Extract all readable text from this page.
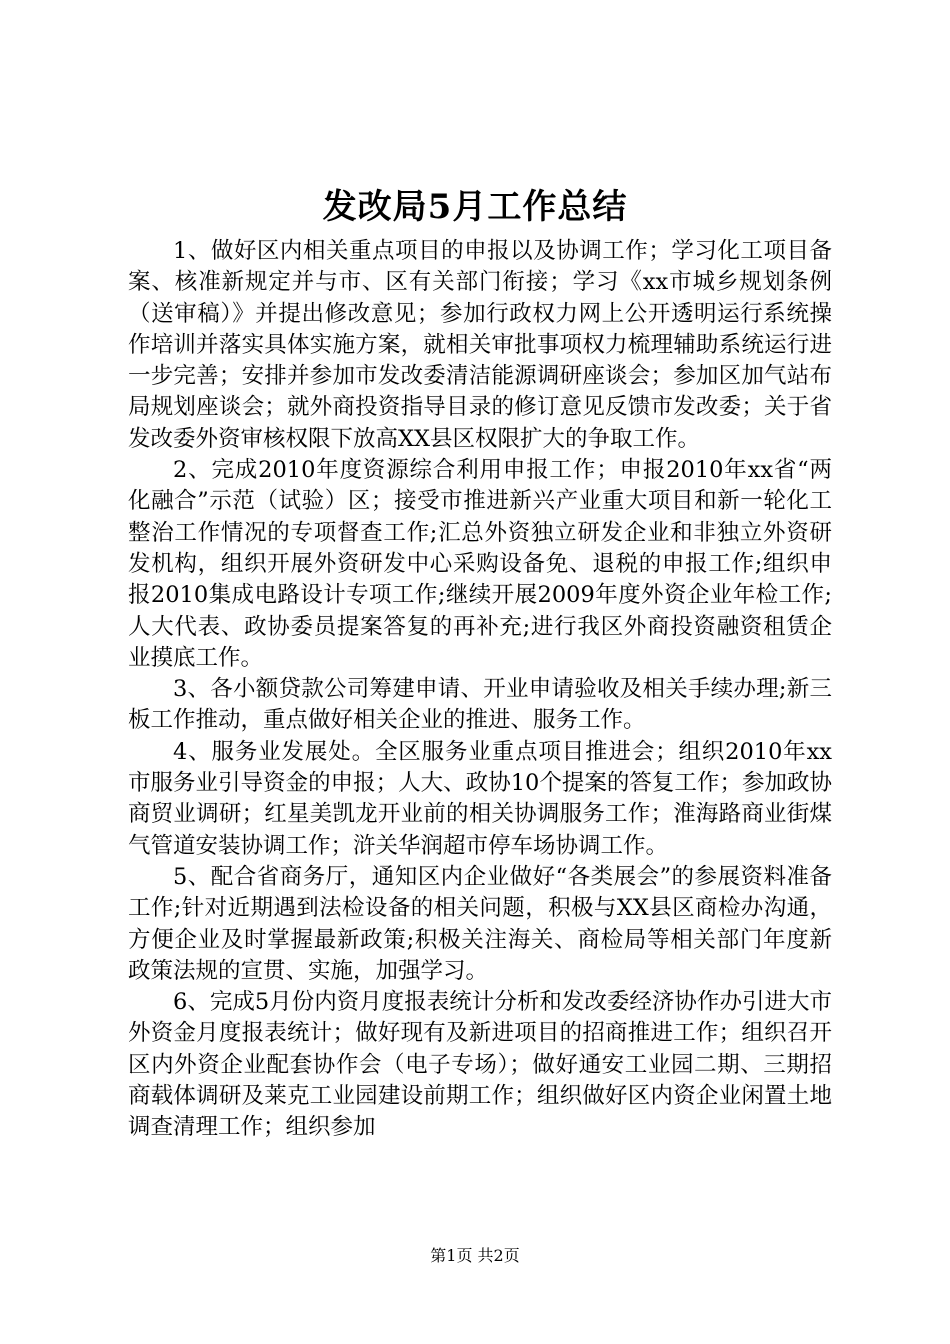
发改局5月工作总结

1、做好区内相关重点项目的申报以及协调工作；学习化工项目备案、核准新规定并与市、区有关部门衔接；学习《xx市城乡规划条例（送审稿）》并提出修改意见；参加行政权力网上公开透明运行系统操作培训并落实具体实施方案，就相关审批事项权力梳理辅助系统运行进一步完善；安排并参加市发改委清洁能源调研座谈会；参加区加气站布局规划座谈会；就外商投资指导目录的修订意见反馈市发改委；关于省发改委外资审核权限下放高XX县区权限扩大的争取工作。

2、完成2010年度资源综合利用申报工作；申报2010年xx省“两化融合”示范（试验）区；接受市推进新兴产业重大项目和新一轮化工整治工作情况的专项督查工作;汇总外资独立研发企业和非独立外资研发机构，组织开展外资研发中心采购设备免、退税的申报工作;组织申报2010集成电路设计专项工作;继续开展2009年度外资企业年检工作;人大代表、政协委员提案答复的再补充;进行我区外商投资融资租赁企业摸底工作。

3、各小额贷款公司筹建申请、开业申请验收及相关手续办理;新三板工作推动，重点做好相关企业的推进、服务工作。

4、服务业发展处。全区服务业重点项目推进会；组织2010年xx市服务业引导资金的申报；人大、政协10个提案的答复工作；参加政协商贸业调研；红星美凯龙开业前的相关协调服务工作；淮海路商业街煤气管道安装协调工作；浒关华润超市停车场协调工作。

5、配合省商务厅，通知区内企业做好“各类展会”的参展资料准备工作;针对近期遇到法检设备的相关问题，积极与XX县区商检办沟通，方便企业及时掌握最新政策;积极关注海关、商检局等相关部门年度新政策法规的宣贯、实施，加强学习。

6、完成5月份内资月度报表统计分析和发改委经济协作办引进大市外资金月度报表统计；做好现有及新进项目的招商推进工作；组织召开区内外资企业配套协作会（电子专场）；做好通安工业园二期、三期招商载体调研及莱克工业园建设前期工作；组织做好区内资企业闲置土地调查清理工作；组织参加

第1页 共2页
